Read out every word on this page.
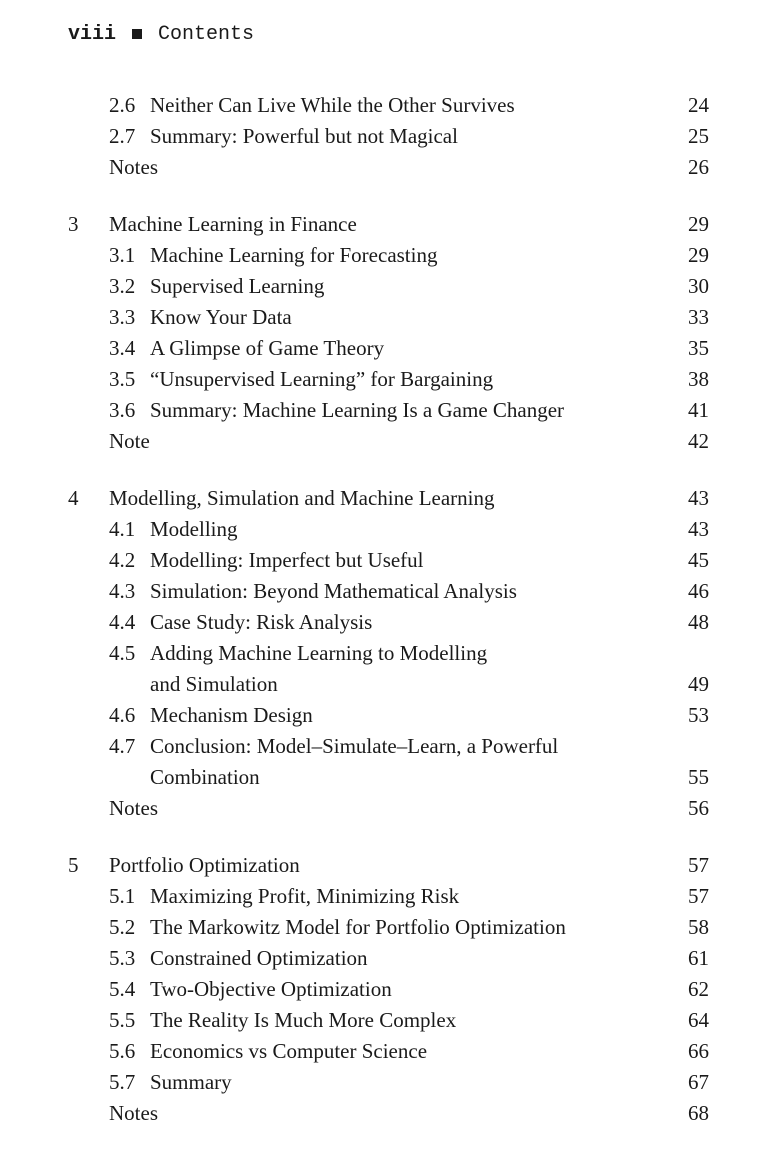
viii Contents
2.6 Neither Can Live While the Other Survives	24
2.7 Summary: Powerful but not Magical	25
Notes	26
3 Machine Learning in Finance	29
3.1 Machine Learning for Forecasting	29
3.2 Supervised Learning	30
3.3 Know Your Data	33
3.4 A Glimpse of Game Theory	35
3.5 “Unsupervised Learning” for Bargaining	38
3.6 Summary: Machine Learning Is a Game Changer	41
Note	42
4 Modelling, Simulation and Machine Learning	43
4.1 Modelling	43
4.2 Modelling: Imperfect but Useful	45
4.3 Simulation: Beyond Mathematical Analysis	46
4.4 Case Study: Risk Analysis	48
4.5 Adding Machine Learning to Modelling
and Simulation	49
4.6 Mechanism Design	53
4.7 Conclusion: Model–Simulate–Learn, a Powerful
Combination	55
Notes	56
5 Portfolio Optimization	57
5.1 Maximizing Profit, Minimizing Risk	57
5.2 The Markowitz Model for Portfolio Optimization	58
5.3 Constrained Optimization	61
5.4 Two-Objective Optimization	62
5.5 The Reality Is Much More Complex	64
5.6 Economics vs Computer Science	66
5.7 Summary	67
Notes	68
